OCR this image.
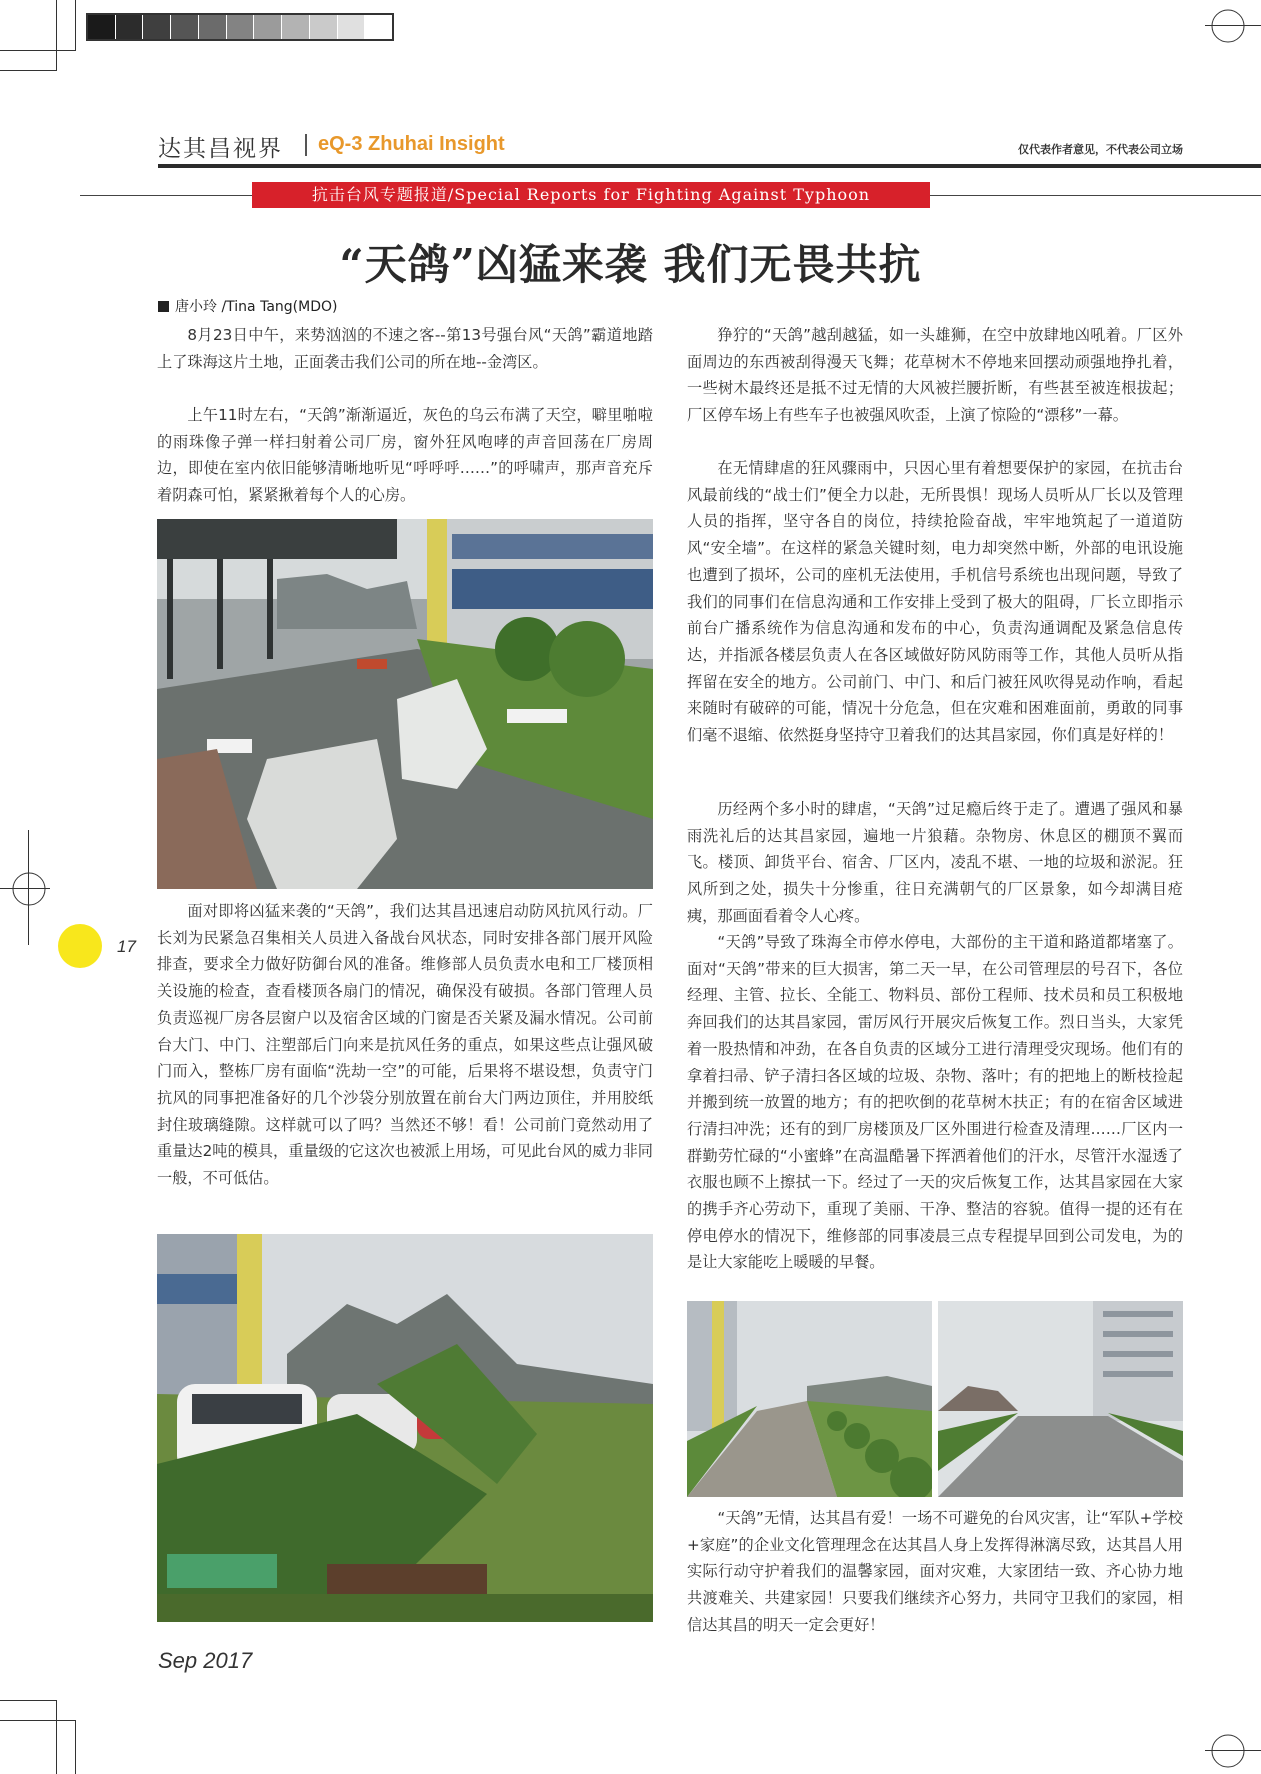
达其昌视界 eQ-3 Zhuhai Insight	仅代表作者意见，不代表公司立场
抗击台风专题报道/Special Reports for Fighting Against Typhoon
“天鸽”凶猛来袭 我们无畏共抗
唐小玲 /Tina Tang(MDO)

8月23日中午，来势汹汹的不速之客--第13号强台风“天鸽”霸道地踏上了珠海这片土地，正面袭击我们公司的所在地--金湾区。

上午11时左右，“天鸽”渐渐逼近，灰色的乌云布满了天空，噼里啪啦的雨珠像子弹一样扫射着公司厂房，窗外狂风咆哮的声音回荡在厂房周边，即使在室内依旧能够清晰地听见“呼呼呼……”的呼啸声，那声音充斥着阴森可怕，紧紧揪着每个人的心房。

面对即将凶猛来袭的“天鸽”，我们达其昌迅速启动防风抗风行动。厂长刘为民紧急召集相关人员进入备战台风状态，同时安排各部门展开风险排查，要求全力做好防御台风的准备。维修部人员负责水电和工厂楼顶相关设施的检查，查看楼顶各扇门的情况，确保没有破损。各部门管理人员负责巡视厂房各层窗户以及宿舍区域的门窗是否关紧及漏水情况。公司前台大门、中门、注塑部后门向来是抗风任务的重点，如果这些点让强风破门而入，整栋厂房有面临“洗劫一空”的可能，后果将不堪设想，负责守门抗风的同事把准备好的几个沙袋分别放置在前台大门两边顶住，并用胶纸封住玻璃缝隙。这样就可以了吗？当然还不够！看！公司前门竟然动用了重量达2吨的模具，重量级的它这次也被派上用场，可见此台风的威力非同一般，不可低估。

狰狞的“天鸽”越刮越猛，如一头雄狮，在空中放肆地凶吼着。厂区外面周边的东西被刮得漫天飞舞；花草树木不停地来回摆动顽强地挣扎着，一些树木最终还是抵不过无情的大风被拦腰折断，有些甚至被连根拔起；厂区停车场上有些车子也被强风吹歪，上演了惊险的“漂移”一幕。

在无情肆虐的狂风骤雨中，只因心里有着想要保护的家园，在抗击台风最前线的“战士们”便全力以赴，无所畏惧！现场人员听从厂长以及管理人员的指挥，坚守各自的岗位，持续抢险奋战，牢牢地筑起了一道道防风“安全墙”。在这样的紧急关键时刻，电力却突然中断，外部的电讯设施也遭到了损坏，公司的座机无法使用，手机信号系统也出现问题，导致了我们的同事们在信息沟通和工作安排上受到了极大的阻碍，厂长立即指示前台广播系统作为信息沟通和发布的中心，负责沟通调配及紧急信息传达，并指派各楼层负责人在各区域做好防风防雨等工作，其他人员听从指挥留在安全的地方。公司前门、中门、和后门被狂风吹得晃动作响，看起来随时有破碎的可能，情况十分危急，但在灾难和困难面前，勇敢的同事们毫不退缩、依然挺身坚持守卫着我们的达其昌家园，你们真是好样的！

历经两个多小时的肆虐，“天鸽”过足瘾后终于走了。遭遇了强风和暴雨洗礼后的达其昌家园，遍地一片狼藉。杂物房、休息区的棚顶不翼而飞。楼顶、卸货平台、宿舍、厂区内，凌乱不堪、一地的垃圾和淤泥。狂风所到之处，损失十分惨重，往日充满朝气的厂区景象，如今却满目疮痍，那画面看着令人心疼。

“天鸽”导致了珠海全市停水停电，大部份的主干道和路道都堵塞了。面对“天鸽”带来的巨大损害，第二天一早，在公司管理层的号召下，各位经理、主管、拉长、全能工、物料员、部份工程师、技术员和员工积极地奔回我们的达其昌家园，雷厉风行开展灾后恢复工作。烈日当头，大家凭着一股热情和冲劲，在各自负责的区域分工进行清理受灾现场。他们有的拿着扫帚、铲子清扫各区域的垃圾、杂物、落叶；有的把地上的断枝捡起并搬到统一放置的地方；有的把吹倒的花草树木扶正；有的在宿舍区域进行清扫冲洗；还有的到厂房楼顶及厂区外围进行检查及清理……厂区内一群勤劳忙碌的“小蜜蜂”在高温酷暑下挥洒着他们的汗水，尽管汗水湿透了衣服也顾不上擦拭一下。经过了一天的灾后恢复工作，达其昌家园在大家的携手齐心劳动下，重现了美丽、干净、整洁的容貌。值得一提的还有在停电停水的情况下，维修部的同事凌晨三点专程提早回到公司发电，为的是让大家能吃上暖暖的早餐。

“天鸽”无情，达其昌有爱！一场不可避免的台风灾害，让“军队+学校+家庭”的企业文化管理理念在达其昌人身上发挥得淋漓尽致，达其昌人用实际行动守护着我们的温馨家园，面对灾难，大家团结一致、齐心协力地共渡难关、共建家园！只要我们继续齐心努力，共同守卫我们的家园，相信达其昌的明天一定会更好！

17
Sep 2017
